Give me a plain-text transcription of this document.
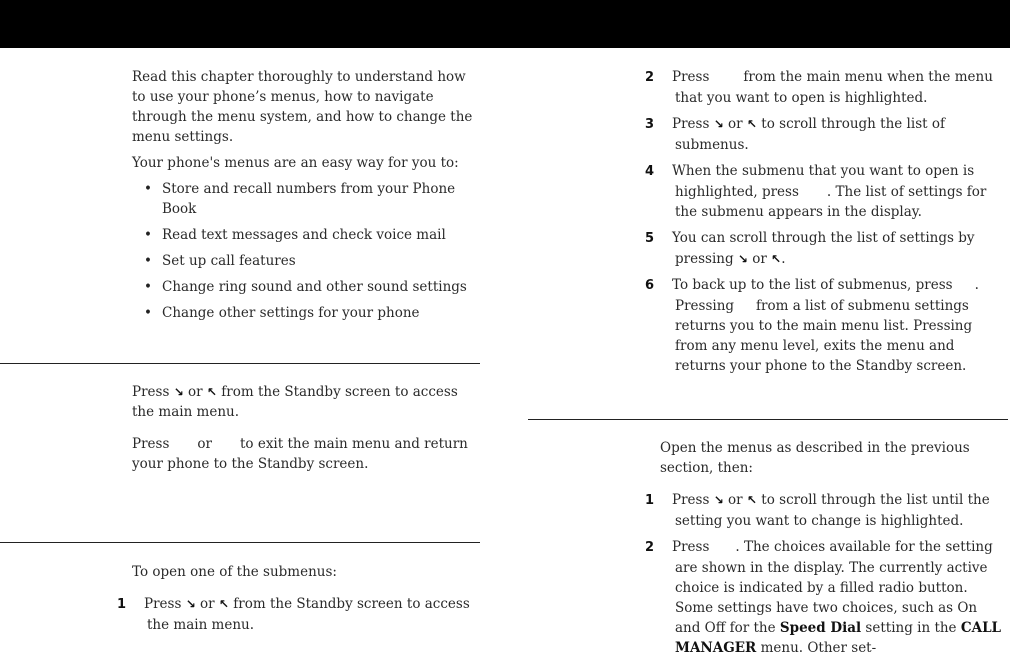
Read this chapter thoroughly to understand how to use your phone’s menus, how to navigate through the menu system, and how to change the menu settings.

Your phone's menus are an easy way for you to:

• Store and recall numbers from your Phone Book
• Read text messages and check voice mail
• Set up call features
• Change ring sound and other sound settings
• Change other settings for your phone

Press ↘ or ↖ from the Standby screen to access the main menu.

Press or to exit the main menu and return your phone to the Standby screen.

To open one of the submenus:

1 Press ↘ or ↖ from the Standby screen to access the main menu.

2 Press	from the main menu when the menu that you want to open is highlighted.

3 Press ↘ or ↖ to scroll through the list of submenus.

4 When the submenu that you want to open is highlighted, press . The list of settings for the submenu appears in the display.

5 You can scroll through the list of settings by pressing ↘ or ↖.

6 To back up to the list of submenus, press . Pressing from a list of submenu settings returns you to the main menu list. Pressingfrom any menu level, exits the menu and returns your phone to the Standby screen.

Open the menus as described in the previous section, then:

1 Press ↘ or ↖ to scroll through the list until the setting you want to change is highlighted.

2 Press . The choices available for the setting are shown in the display. The currently active choice is indicated by a filled radio button. Some settings have two choices, such as On and Off for the Speed Dial setting in the CALL MANAGER menu. Other set-
